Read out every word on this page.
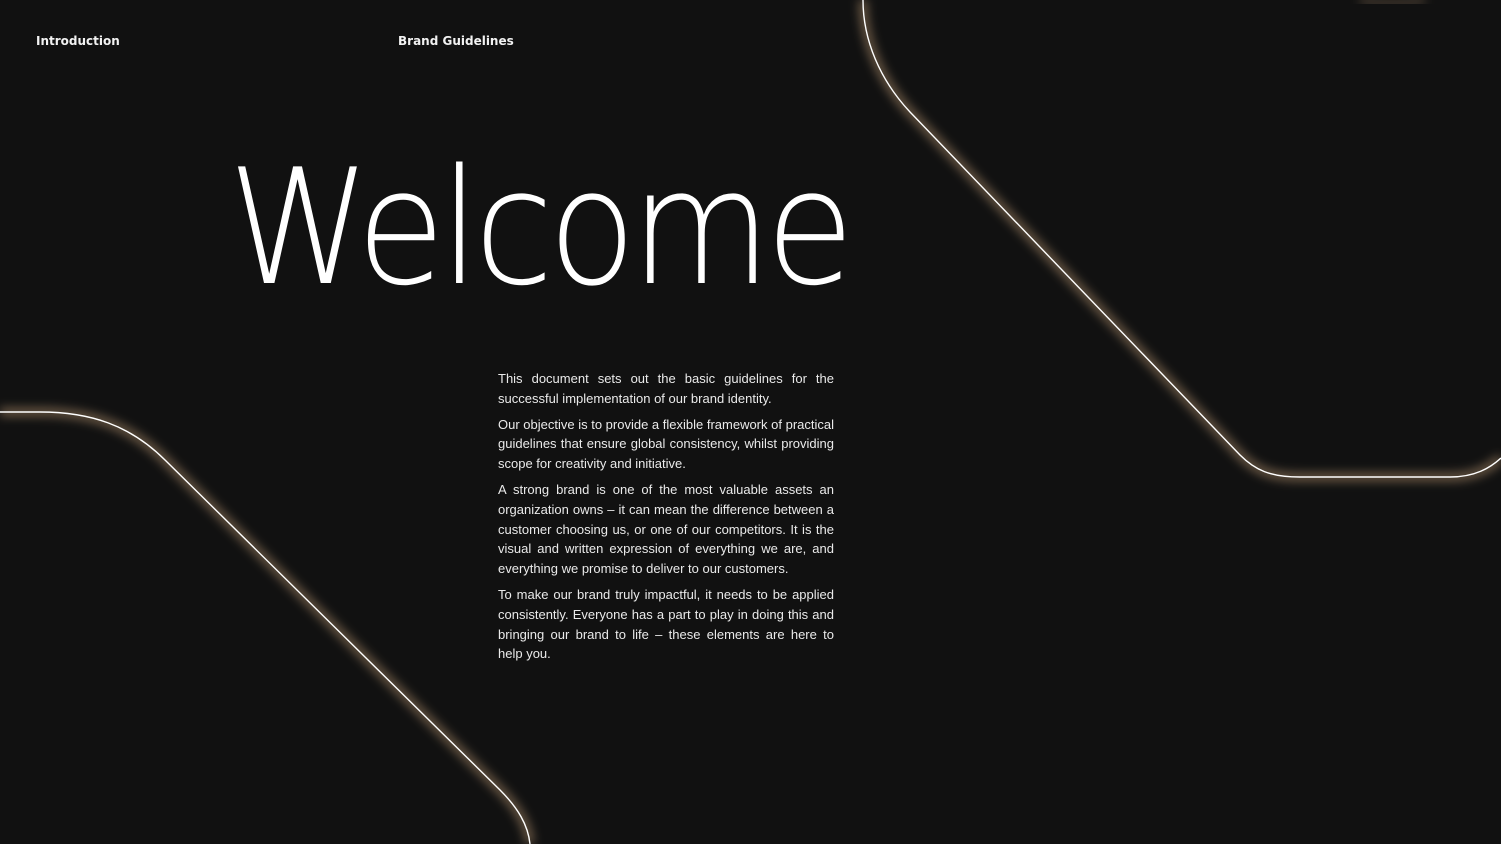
Introduction	Brand Guidelines
Welcome

This document sets out the basic guidelines for the successful implementation of our brand identity.

Our objective is to provide a flexible framework of practical guidelines that ensure global consistency, whilst providing scope for creativity and initiative.

A strong brand is one of the most valuable assets an organization owns – it can mean the difference between a customer choosing us, or one of our competitors. It is the visual and written expression of everything we are, and everything we promise to deliver to our customers.

To make our brand truly impactful, it needs to be applied consistently. Everyone has a part to play in doing this and bringing our brand to life – these elements are here to help you.
